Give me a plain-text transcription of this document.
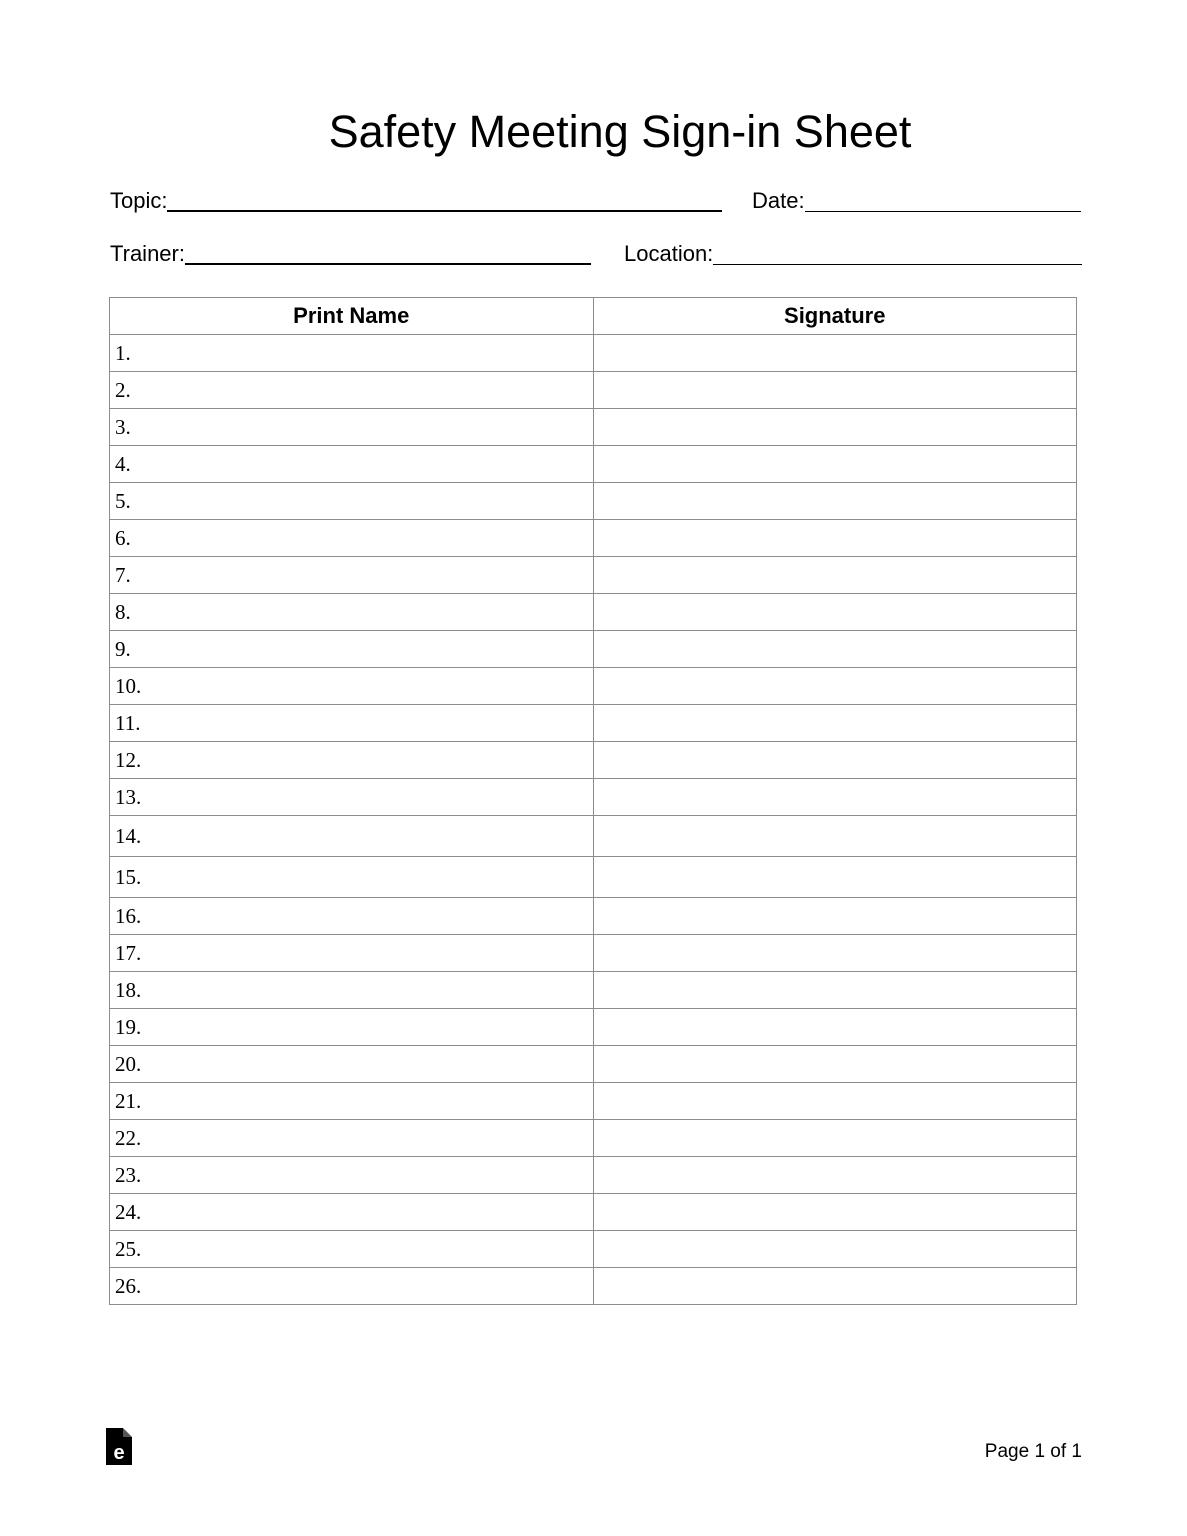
Safety Meeting Sign-in Sheet
Topic:	Date:
Trainer:	Location:
Print Name	Signature
1.	
2.	
3.	
4.	
5.	
6.	
7.	
8.	
9.	
10.	
11.	
12.	
13.	
14.	
15.	
16.	
17.	
18.	
19.	
20.	
21.	
22.	
23.	
24.	
25.	
26.	
e	Page 1 of 1
